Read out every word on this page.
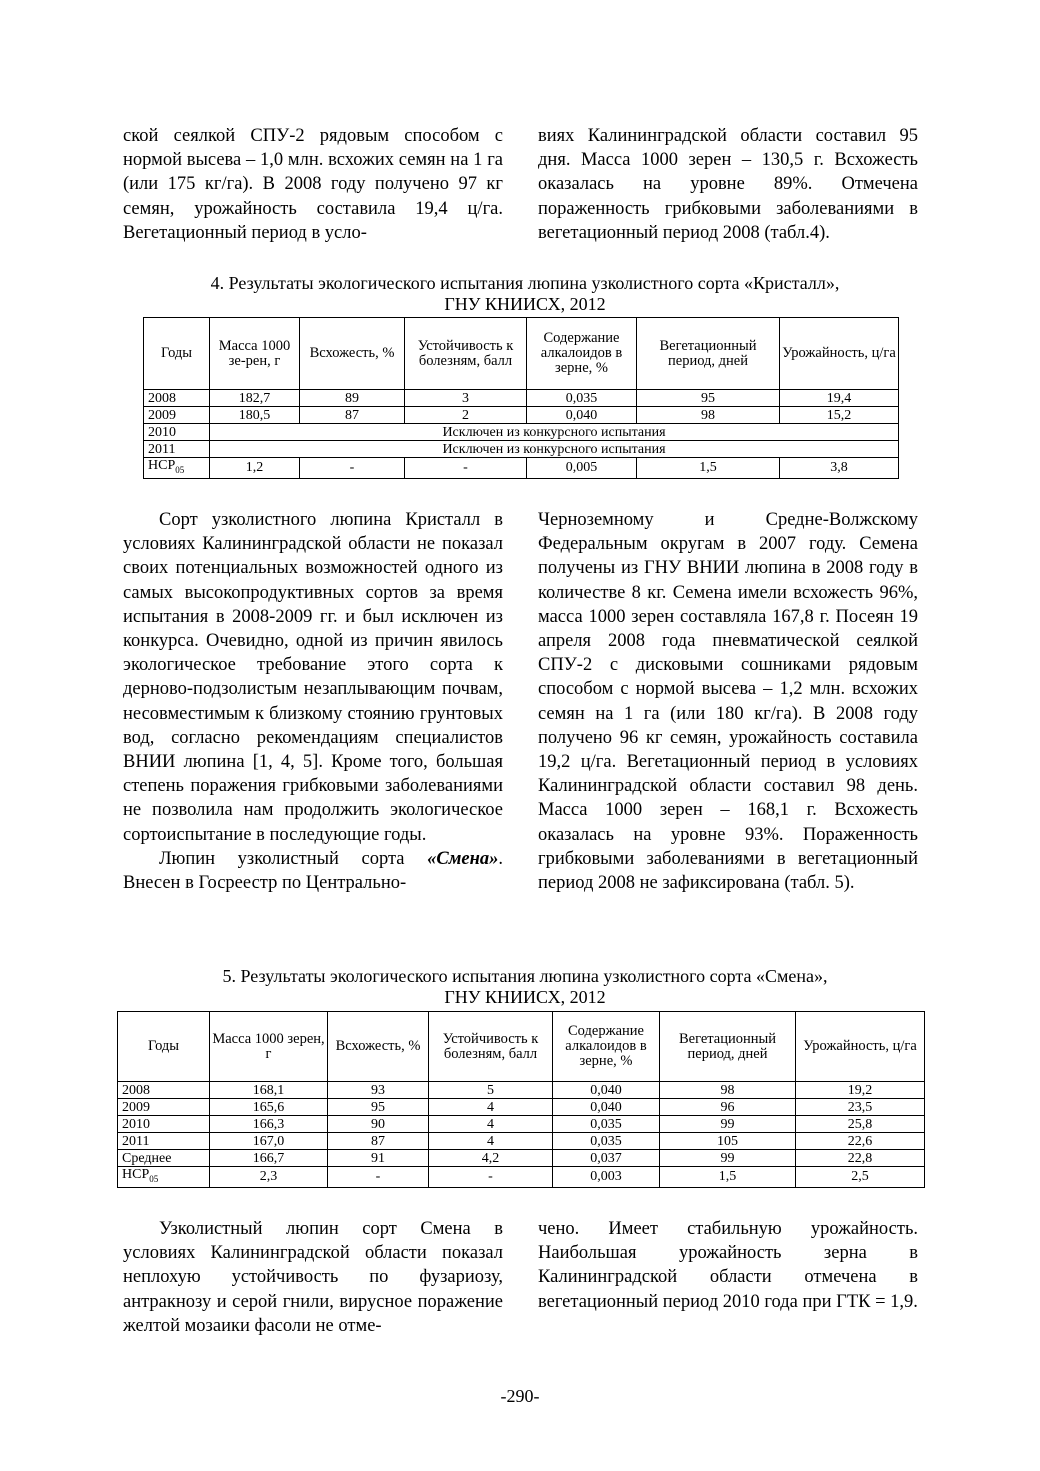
ской сеялкой СПУ-2 рядовым способом с нормой высева – 1,0 млн. всхожих семян на 1 га (или 175 кг/га). В 2008 году получено 97 кг семян, урожайность составила 19,4 ц/га. Вегетационный период в усло-

виях Калининградской области составил 95 дня. Масса 1000 зерен – 130,5 г. Всхожесть оказалась на уровне 89%. Отмечена пораженность грибковыми заболеваниями в вегетационный период 2008 (табл.4).

4. Результаты экологического испытания люпина узколистного сорта «Кристалл»,
ГНУ КНИИСХ, 2012
Годы	Масса 1000 зе-рен, г	Всхожесть, %	Устойчивость к болезням, балл	Содержание алкалоидов в зерне, %	Вегетационный период, дней	Урожайность, ц/га
2008	182,7	89	3	0,035	95	19,4
2009	180,5	87	2	0,040	98	15,2
2010	Исключен из конкурсного испытания					
2011	Исключен из конкурсного испытания					
$НСР_{05}$	1,2	-	-	0,005	1,5	3,8

Сорт узколистного люпина Кристалл в условиях Калининградской области не показал своих потенциальных возможностей одного из самых высокопродуктивных сортов за время испытания в 2008-2009 гг. и был исключен из конкурса. Очевидно, одной из причин явилось экологическое требование этого сорта к дерново-подзолистым незаплывающим почвам, несовместимым к близкому стоянию грунтовых вод, согласно рекомендациям специалистов ВНИИ люпина [1, 4, 5]. Кроме того, большая степень поражения грибковыми заболеваниями не позволила нам продолжить экологическое сортоиспытание в последующие годы.

Люпин узколистный сорта «Смена». Внесен в Госреестр по Центрально-

Черноземному и Средне-Волжскому Федеральным округам в 2007 году. Семена получены из ГНУ ВНИИ люпина в 2008 году в количестве 8 кг. Семена имели всхожесть 96%, масса 1000 зерен составляла 167,8 г. Посеян 19 апреля 2008 года пневматической сеялкой СПУ-2 с дисковыми сошниками рядовым способом с нормой высева – 1,2 млн. всхожих семян на 1 га (или 180 кг/га). В 2008 году получено 96 кг семян, урожайность составила 19,2 ц/га. Вегетационный период в условиях Калининградской области составил 98 день. Масса 1000 зерен – 168,1 г. Всхожесть оказалась на уровне 93%. Пораженность грибковыми заболеваниями в вегетационный период 2008 не зафиксирована (табл. 5).

5. Результаты экологического испытания люпина узколистного сорта «Смена»,
ГНУ КНИИСХ, 2012
Годы	Масса 1000 зерен, г	Всхожесть, %	Устойчивость к болезням, балл	Содержание алкалоидов в зерне, %	Вегетационный период, дней	Урожайность, ц/га
2008	168,1	93	5	0,040	98	19,2
2009	165,6	95	4	0,040	96	23,5
2010	166,3	90	4	0,035	99	25,8
2011	167,0	87	4	0,035	105	22,6
Среднее	166,7	91	4,2	0,037	99	22,8
$НСР_{05}$	2,3	-	-	0,003	1,5	2,5

Узколистный люпин сорт Смена в условиях Калининградской области показал неплохую устойчивость по фузариозу, антракнозу и серой гнили, вирусное поражение желтой мозаики фасоли не отме-

чено. Имеет стабильную урожайность. Наибольшая урожайность зерна в Калининградской области отмечена в вегетационный период 2010 года при ГТК = 1,9.

-290-
